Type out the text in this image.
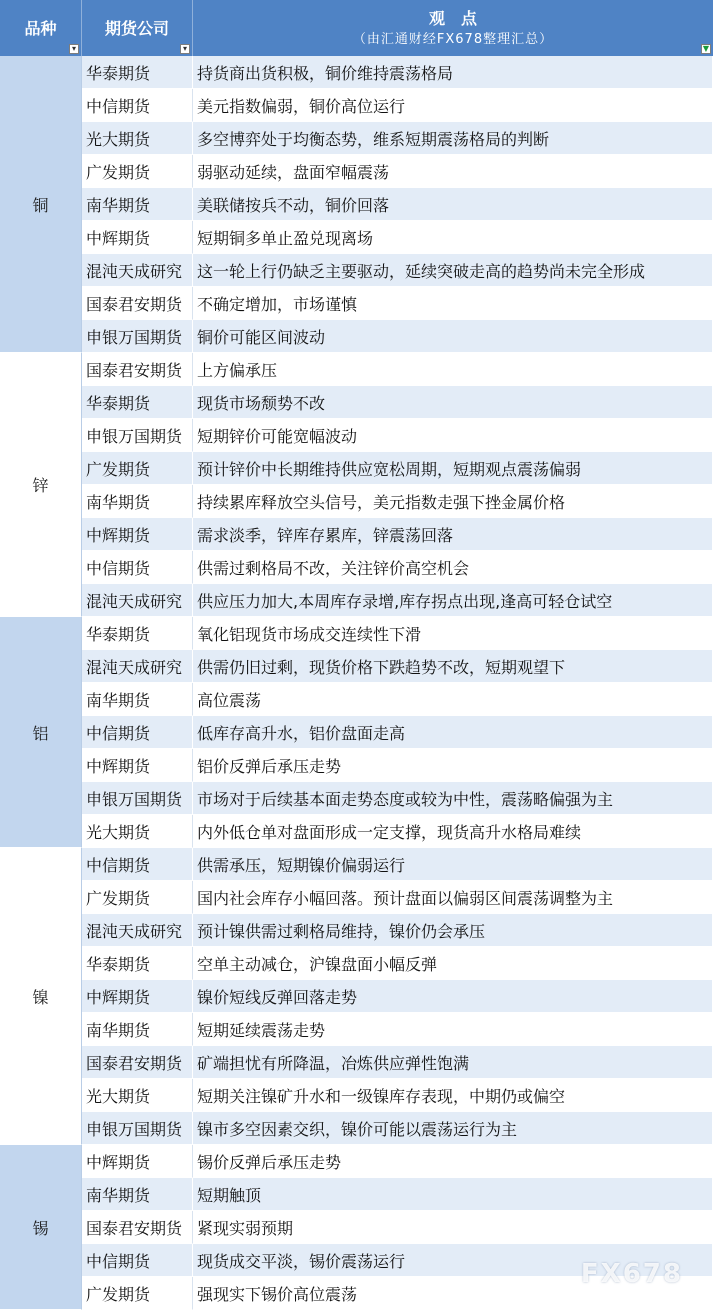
品种
▾
期货公司
▾
观　点
（由汇通财经FX678整理汇总）
▼
铜
华泰期货	持货商出货积极，铜价维持震荡格局
中信期货	美元指数偏弱，铜价高位运行
光大期货	多空博弈处于均衡态势，维系短期震荡格局的判断
广发期货	弱驱动延续，盘面窄幅震荡
南华期货	美联储按兵不动，铜价回落
中辉期货	短期铜多单止盈兑现离场
混沌天成研究 这一轮上行仍缺乏主要驱动，延续突破走高的趋势尚未完全形成
国泰君安期货 不确定增加，市场谨慎
申银万国期货 铜价可能区间波动
锌
国泰君安期货 上方偏承压
华泰期货	现货市场颓势不改
申银万国期货 短期锌价可能宽幅波动
广发期货	预计锌价中长期维持供应宽松周期，短期观点震荡偏弱
南华期货	持续累库释放空头信号，美元指数走强下挫金属价格
中辉期货	需求淡季，锌库存累库，锌震荡回落
中信期货	供需过剩格局不改，关注锌价高空机会
混沌天成研究 供应压力加大,本周库存录增,库存拐点出现,逢高可轻仓试空
铝
华泰期货	氧化铝现货市场成交连续性下滑
混沌天成研究 供需仍旧过剩，现货价格下跌趋势不改，短期观望下
南华期货	高位震荡
中信期货	低库存高升水，铝价盘面走高
中辉期货	铝价反弹后承压走势
申银万国期货 市场对于后续基本面走势态度或较为中性，震荡略偏强为主
光大期货	内外低仓单对盘面形成一定支撑，现货高升水格局难续
镍
中信期货	供需承压，短期镍价偏弱运行
广发期货	国内社会库存小幅回落。预计盘面以偏弱区间震荡调整为主
混沌天成研究 预计镍供需过剩格局维持，镍价仍会承压
华泰期货	空单主动减仓，沪镍盘面小幅反弹
中辉期货	镍价短线反弹回落走势
南华期货	短期延续震荡走势
国泰君安期货 矿端担忧有所降温，冶炼供应弹性饱满
光大期货	短期关注镍矿升水和一级镍库存表现，中期仍或偏空
申银万国期货 镍市多空因素交织，镍价可能以震荡运行为主
锡
中辉期货	锡价反弹后承压走势
南华期货	短期触顶
国泰君安期货 紧现实弱预期
中信期货	现货成交平淡，锡价震荡运行
广发期货	强现实下锡价高位震荡
FX678
